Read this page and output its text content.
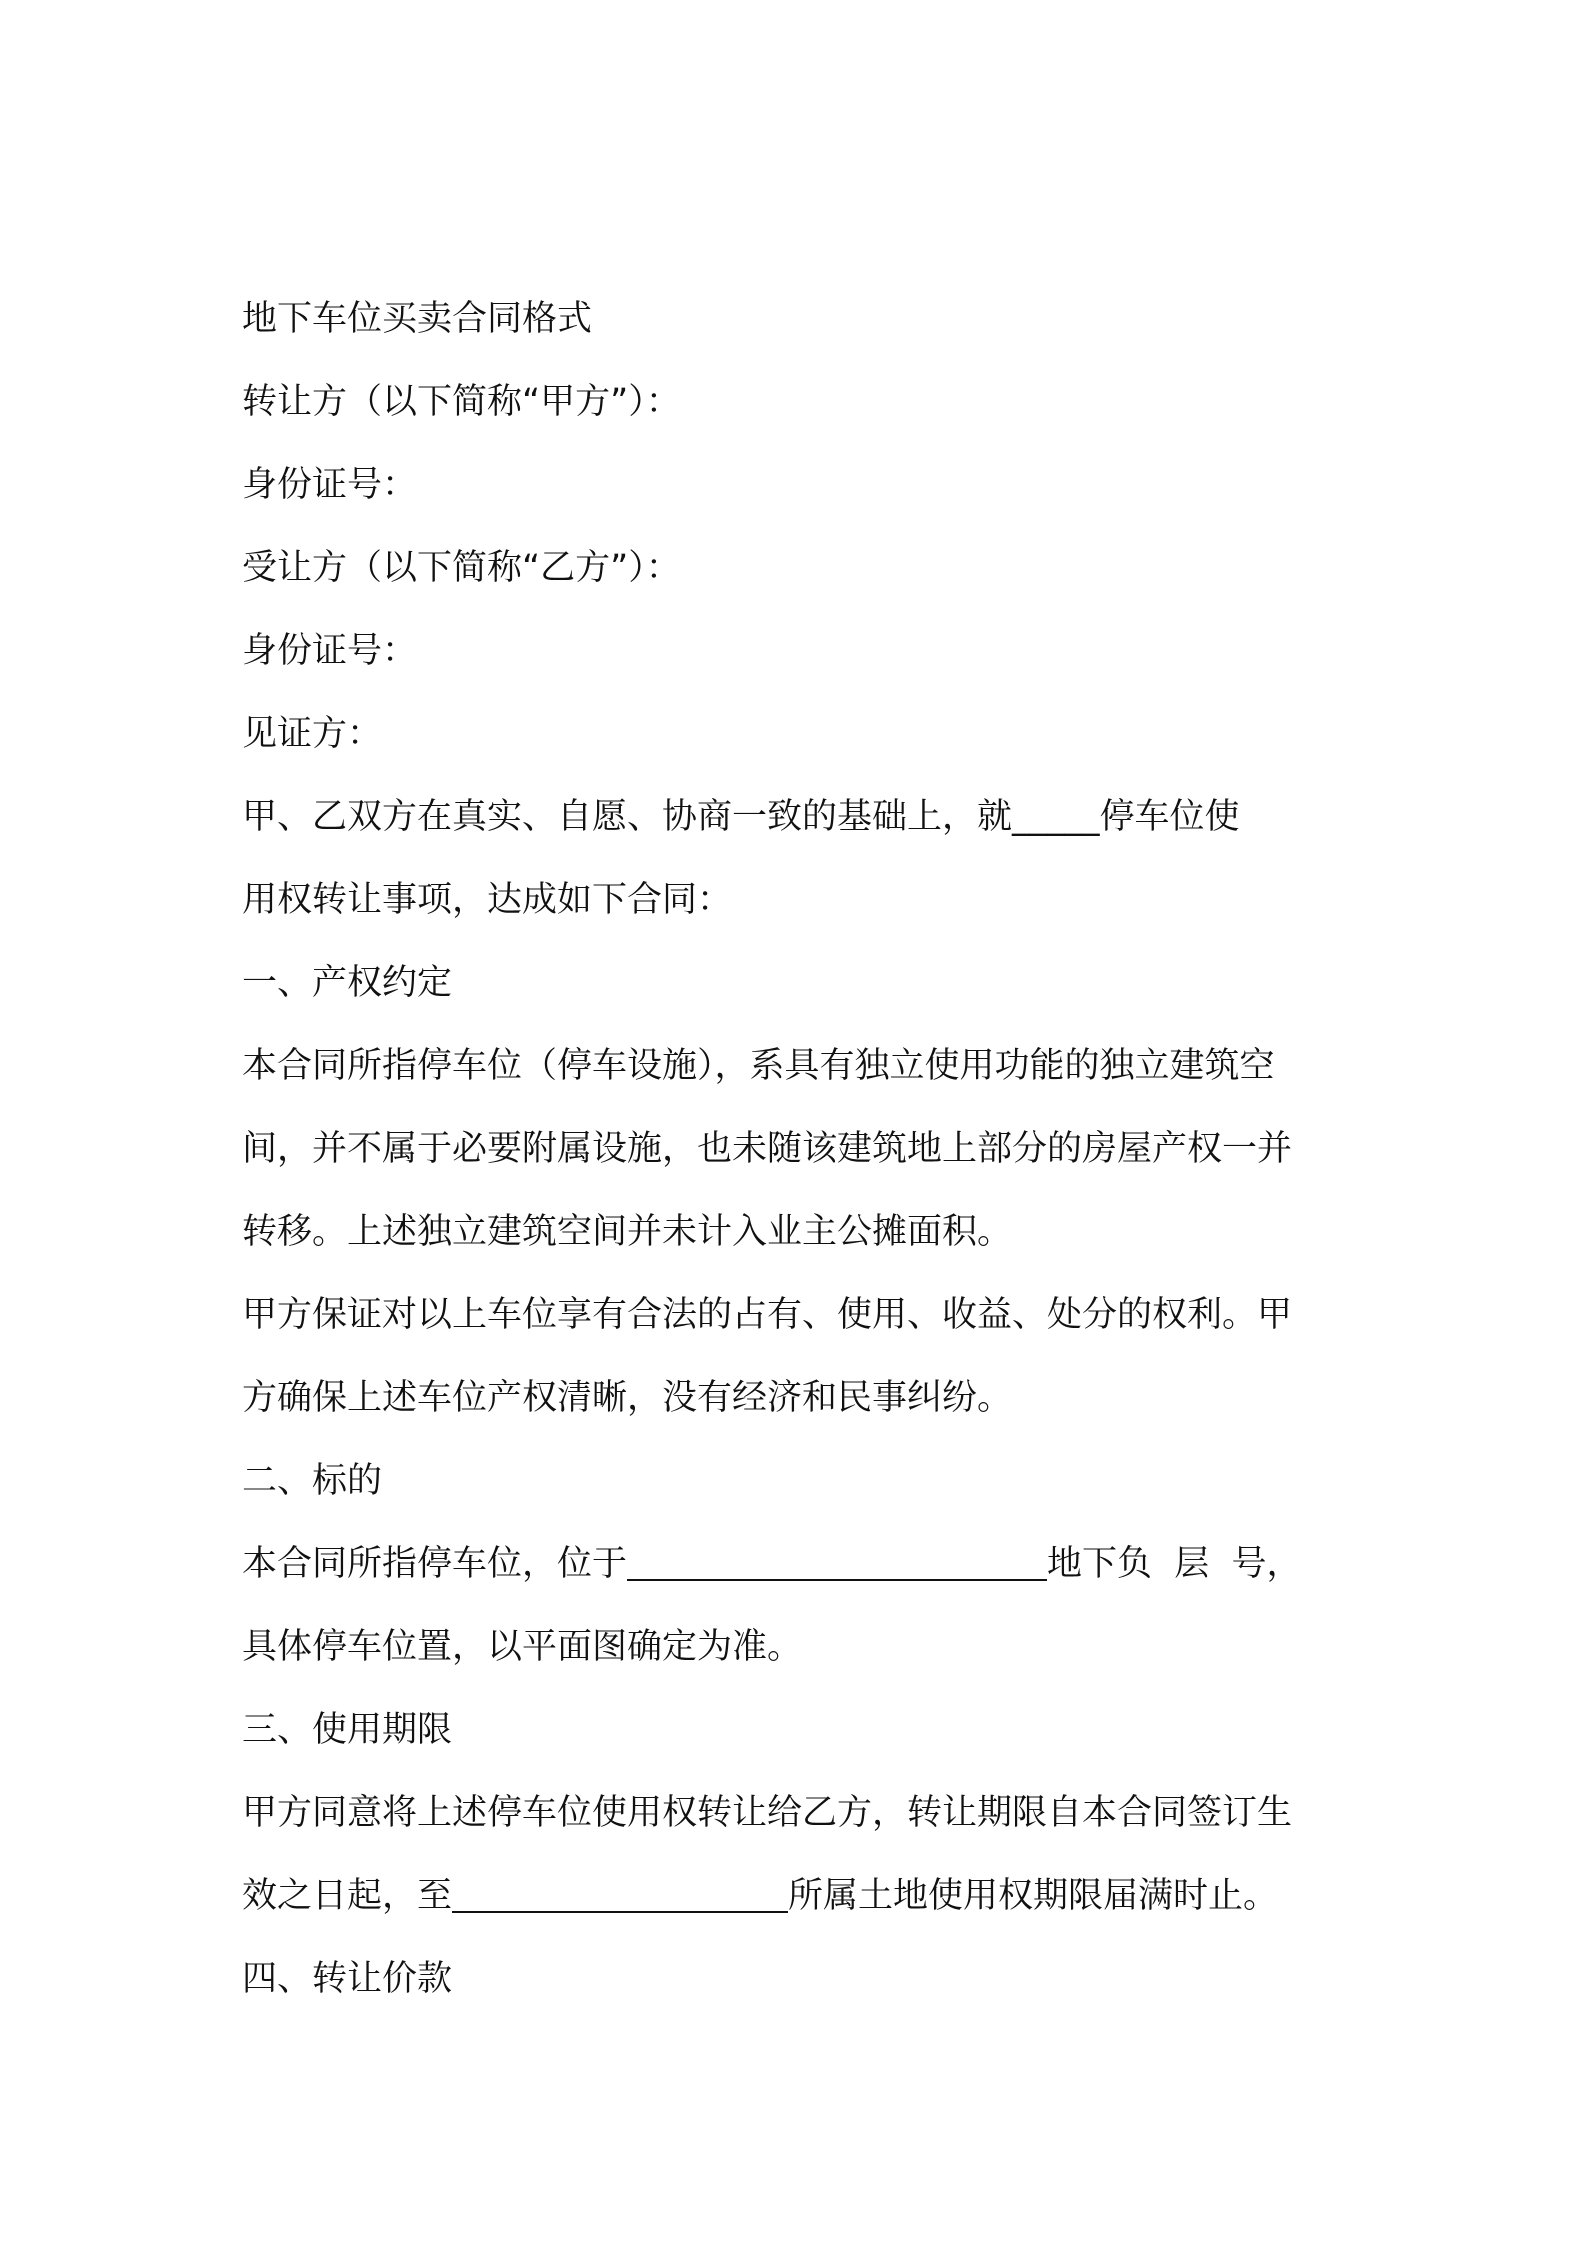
地下车位买卖合同格式
转让方（以下简称“甲方”）：
身份证号：
受让方（以下简称“乙方”）：
身份证号：
见证方：
甲、乙双方在真实、自愿、协商一致的基础上，就_____停车位使
用权转让事项，达成如下合同：
一、产权约定
本合同所指停车位（停车设施），系具有独立使用功能的独立建筑空
间，并不属于必要附属设施，也未随该建筑地上部分的房屋产权一并
转移。上述独立建筑空间并未计入业主公摊面积。
甲方保证对以上车位享有合法的占有、使用、收益、处分的权利。甲
方确保上述车位产权清晰，没有经济和民事纠纷。
二、标的
本合同所指停车位，位于	地下负  层  号，
具体停车位置，以平面图确定为准。
三、使用期限
甲方同意将上述停车位使用权转让给乙方，转让期限自本合同签订生
效之日起，至	所属土地使用权期限届满时止。
四、转让价款
